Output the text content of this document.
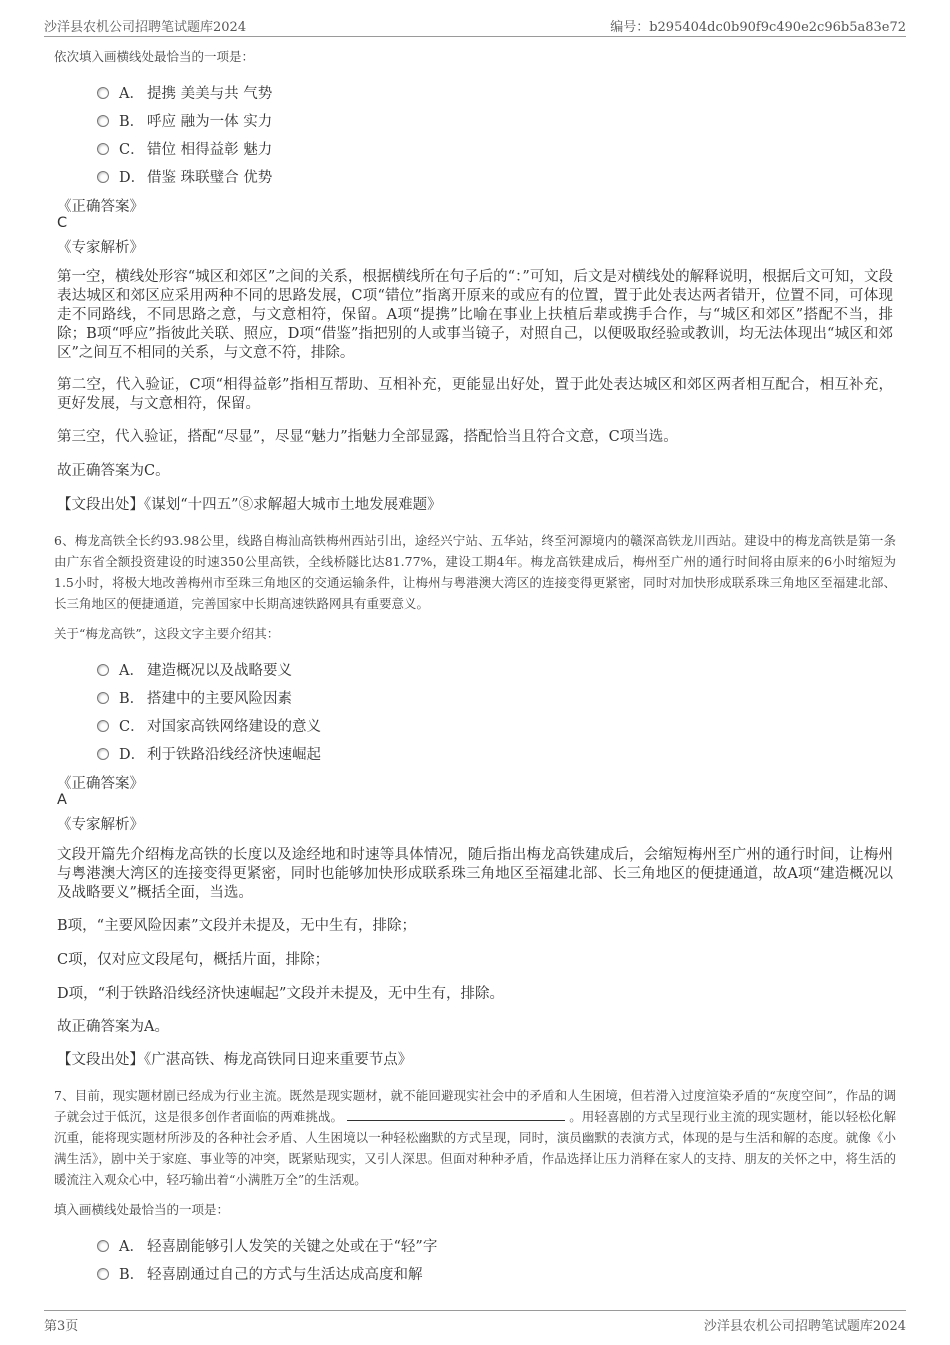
沙洋县农机公司招聘笔试题库2024	编号：b295404dc0b90f9c490e2c96b5a83e72
依次填入画横线处最恰当的一项是：
A． 提携 美美与共 气势
B． 呼应 融为一体 实力
C． 错位 相得益彰 魅力
D． 借鉴 珠联璧合 优势
《正确答案》
C
《专家解析》
第一空，横线处形容“城区和郊区”之间的关系，根据横线所在句子后的“：”可知，后文是对横线处的解释说明，根据后文可知，文段表达城区和郊区应采用两种不同的思路发展，C项“错位”指离开原来的或应有的位置，置于此处表达两者错开，位置不同，可体现走不同路线，不同思路之意，与文意相符，保留。A项“提携”比喻在事业上扶植后辈或携手合作，与“城区和郊区”搭配不当，排除；B项“呼应”指彼此关联、照应，D项“借鉴”指把别的人或事当镜子，对照自己，以便吸取经验或教训，均无法体现出“城区和郊区”之间互不相同的关系，与文意不符，排除。
第二空，代入验证，C项“相得益彰”指相互帮助、互相补充，更能显出好处，置于此处表达城区和郊区两者相互配合，相互补充，更好发展，与文意相符，保留。
第三空，代入验证，搭配“尽显”，尽显“魅力”指魅力全部显露，搭配恰当且符合文意，C项当选。
故正确答案为C。
【文段出处】《谋划“十四五”⑧求解超大城市土地发展难题》
6、梅龙高铁全长约93.98公里，线路自梅汕高铁梅州西站引出，途经兴宁站、五华站，终至河源境内的赣深高铁龙川西站。建设中的梅龙高铁是第一条由广东省全额投资建设的时速350公里高铁，全线桥隧比达81.77%，建设工期4年。梅龙高铁建成后，梅州至广州的通行时间将由原来的6小时缩短为1.5小时，将极大地改善梅州市至珠三角地区的交通运输条件，让梅州与粤港澳大湾区的连接变得更紧密，同时对加快形成联系珠三角地区至福建北部、长三角地区的便捷通道，完善国家中长期高速铁路网具有重要意义。
关于“梅龙高铁”，这段文字主要介绍其：
A． 建造概况以及战略要义
B． 搭建中的主要风险因素
C． 对国家高铁网络建设的意义
D． 利于铁路沿线经济快速崛起
《正确答案》
A
《专家解析》
文段开篇先介绍梅龙高铁的长度以及途经地和时速等具体情况，随后指出梅龙高铁建成后，会缩短梅州至广州的通行时间，让梅州与粤港澳大湾区的连接变得更紧密，同时也能够加快形成联系珠三角地区至福建北部、长三角地区的便捷通道，故A项“建造概况以及战略要义”概括全面，当选。
B项，“主要风险因素”文段并未提及，无中生有，排除；
C项，仅对应文段尾句，概括片面，排除；
D项，“利于铁路沿线经济快速崛起”文段并未提及，无中生有，排除。
故正确答案为A。
【文段出处】《广湛高铁、梅龙高铁同日迎来重要节点》
7、目前，现实题材剧已经成为行业主流。既然是现实题材，就不能回避现实社会中的矛盾和人生困境，但若滑入过度渲染矛盾的“灰度空间”，作品的调子就会过于低沉，这是很多创作者面临的两难挑战。	。用轻喜剧的方式呈现行业主流的现实题材，能以轻松化解沉重，能将现实题材所涉及的各种社会矛盾、人生困境以一种轻松幽默的方式呈现，同时，演员幽默的表演方式，体现的是与生活和解的态度。就像《小满生活》，剧中关于家庭、事业等的冲突，既紧贴现实，又引人深思。但面对种种矛盾，作品选择让压力消释在家人的支持、朋友的关怀之中，将生活的暖流注入观众心中，轻巧输出着“小满胜万全”的生活观。
填入画横线处最恰当的一项是：
A． 轻喜剧能够引人发笑的关键之处或在于“轻”字
B． 轻喜剧通过自己的方式与生活达成高度和解
第3页	沙洋县农机公司招聘笔试题库2024
